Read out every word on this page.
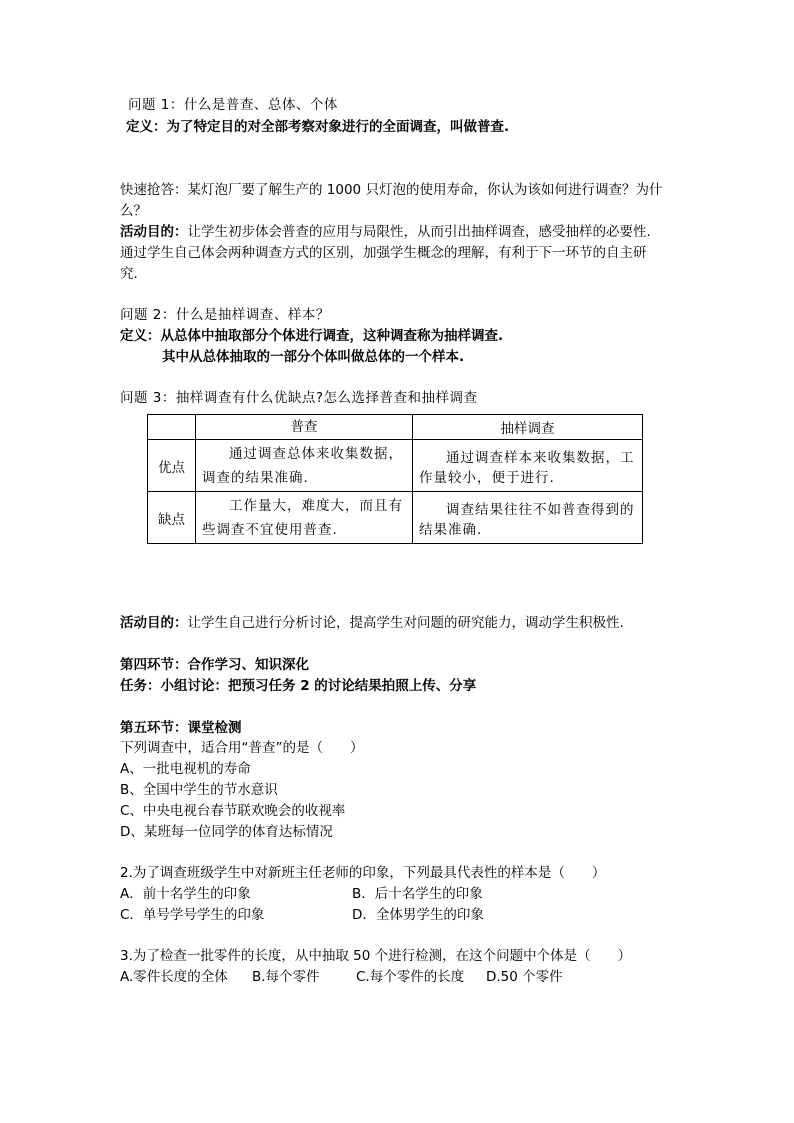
问题 1：什么是普查、总体、个体
定义：为了特定目的对全部考察对象进行的全面调查，叫做普查.
快速抢答：某灯泡厂要了解生产的 1000 只灯泡的使用寿命，你认为该如何进行调查？为什
么？
活动目的：让学生初步体会普查的应用与局限性，从而引出抽样调查，感受抽样的必要性.
通过学生自己体会两种调查方式的区别，加强学生概念的理解，有利于下一环节的自主研
究.
问题 2：什么是抽样调查、样本？
定义：从总体中抽取部分个体进行调查，这种调查称为抽样调查.
其中从总体抽取的一部分个体叫做总体的一个样本.
问题 3：抽样调查有什么优缺点?怎么选择普查和抽样调查
	普查	抽样调查
优点	通过调查总体来收集数据，调查的结果准确.	通过调查样本来收集数据，工作量较小，便于进行.

缺点	工作量大，难度大，而且有些调查不宜使用普查.	调查结果往往不如普查得到的结果准确.
活动目的：让学生自己进行分析讨论，提高学生对问题的研究能力，调动学生积极性.
第四环节：合作学习、知识深化
任务：小组讨论：把预习任务 2 的讨论结果拍照上传、分享
第五环节：课堂检测
下列调查中，适合用“普查”的是（　　）
A、一批电视机的寿命
B、全国中学生的节水意识
C、中央电视台春节联欢晚会的收视率
D、某班每一位同学的体育达标情况
2.为了调查班级学生中对新班主任老师的印象，下列最具代表性的样本是（　　）
A．前十名学生的印象	B．后十名学生的印象
C．单号学号学生的印象	D．全体男学生的印象
3.为了检查一批零件的长度，从中抽取 50 个进行检测，在这个问题中个体是（　　）
A.零件长度的全体 B.每个零件	C.每个零件的长度 D.50 个零件
